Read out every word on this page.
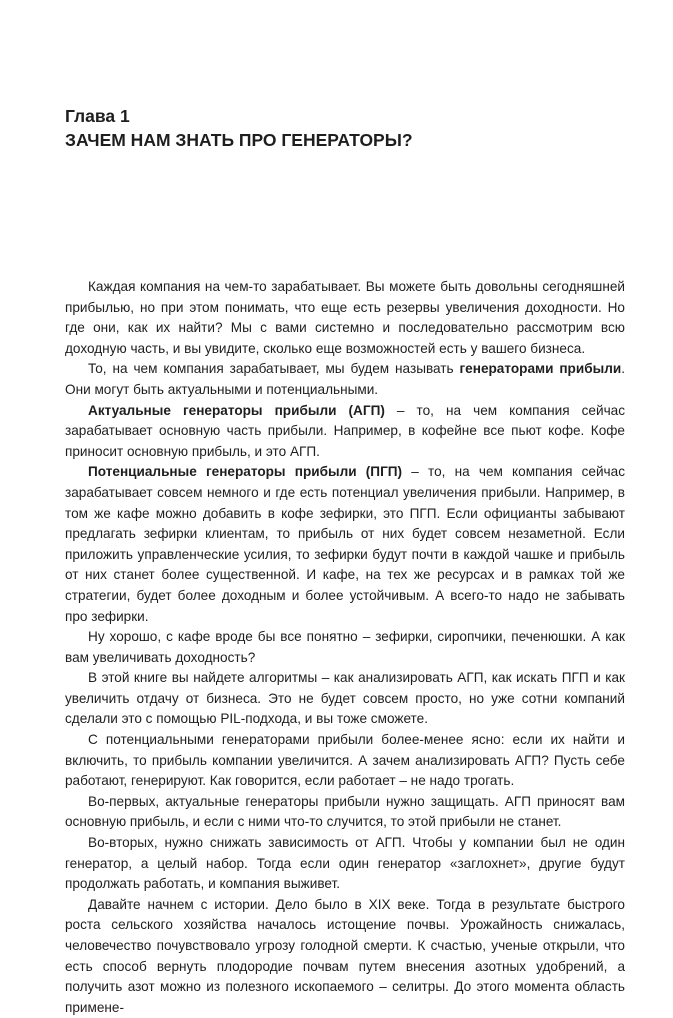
Глава 1

ЗАЧЕМ НАМ ЗНАТЬ ПРО ГЕНЕРАТОРЫ?

Каждая компания на чем-то зарабатывает. Вы можете быть довольны сегодняшней прибылью, но при этом понимать, что еще есть резервы увеличения доходности. Но где они, как их найти? Мы с вами системно и последовательно рассмотрим всю доходную часть, и вы увидите, сколько еще возможностей есть у вашего бизнеса.

То, на чем компания зарабатывает, мы будем называть генераторами прибыли. Они могут быть актуальными и потенциальными.

Актуальные генераторы прибыли (АГП) – то, на чем компания сейчас зарабатывает основную часть прибыли. Например, в кофейне все пьют кофе. Кофе приносит основную прибыль, и это АГП.

Потенциальные генераторы прибыли (ПГП) – то, на чем компания сейчас зарабатывает совсем немного и где есть потенциал увеличения прибыли. Например, в том же кафе можно добавить в кофе зефирки, это ПГП. Если официанты забывают предлагать зефирки клиентам, то прибыль от них будет совсем незаметной. Если приложить управленческие усилия, то зефирки будут почти в каждой чашке и прибыль от них станет более существенной. И кафе, на тех же ресурсах и в рамках той же стратегии, будет более доходным и более устойчивым. А всего-то надо не забывать про зефирки.

Ну хорошо, с кафе вроде бы все понятно – зефирки, сиропчики, печенюшки. А как вам увеличивать доходность?

В этой книге вы найдете алгоритмы – как анализировать АГП, как искать ПГП и как увеличить отдачу от бизнеса. Это не будет совсем просто, но уже сотни компаний сделали это с помощью PIL-подхода, и вы тоже сможете.

С потенциальными генераторами прибыли более-менее ясно: если их найти и включить, то прибыль компании увеличится. А зачем анализировать АГП? Пусть себе работают, генерируют. Как говорится, если работает – не надо трогать.

Во-первых, актуальные генераторы прибыли нужно защищать. АГП приносят вам основную прибыль, и если с ними что-то случится, то этой прибыли не станет.

Во-вторых, нужно снижать зависимость от АГП. Чтобы у компании был не один генератор, а целый набор. Тогда если один генератор «заглохнет», другие будут продолжать работать, и компания выживет.

Давайте начнем с истории. Дело было в XIX веке. Тогда в результате быстрого роста сельского хозяйства началось истощение почвы. Урожайность снижалась, человечество почувствовало угрозу голодной смерти. К счастью, ученые открыли, что есть способ вернуть плодородие почвам путем внесения азотных удобрений, а получить азот можно из полезного ископаемого – селитры. До этого момента область примене-
